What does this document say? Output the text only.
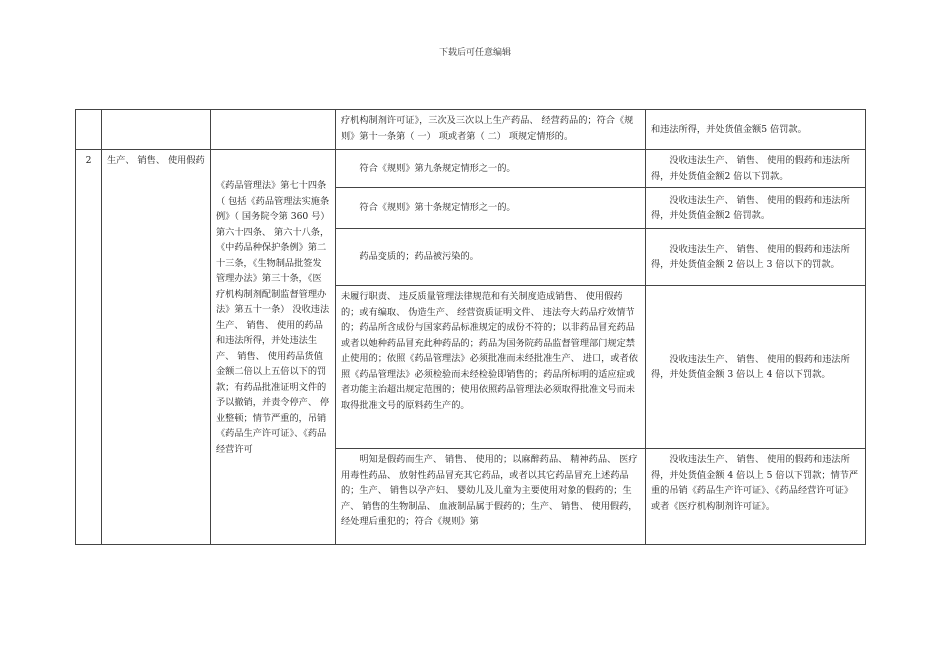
下载后可任意编辑
			疗机构制剂许可证》，三次及三次以上生产药品、 经营药品的；符合《规则》第十一条第（ 一） 项或者第（ 二） 项规定情形的。	和违法所得，并处货值金额5 倍罚款。
2	生产、 销售、 使用假药	《药品管理法》第七十四条（ 包括《药品管理法实施条例》（ 国务院令第 360 号） 第六十四条、 第六十八条，《中药品种保护条例》第二十三条，《生物制品批签发管理办法》第三十条，《医疗机构制剂配制监督管理办法》第五十一条） 没收违法生产、 销售、 使用的药品和违法所得，并处违法生产、 销售、 使用药品货值金额二倍以上五倍以下的罚款；有药品批准证明文件的予以撤销，并责令停产、 停业整顿；情节严重的，吊销《药品生产许可证》、《药品经营许可	符合《规则》第九条规定情形之一的。	没收违法生产、 销售、 使用的假药和违法所得，并处货值金额2 倍以下罚款。
			符合《规则》第十条规定情形之一的。	没收违法生产、 销售、 使用的假药和违法所得，并处货值金额2 倍罚款。
			药品变质的；药品被污染的。	没收违法生产、 销售、 使用的假药和违法所得，并处货值金额 2 倍以上 3 倍以下的罚款。
			未履行职责、 违反质量管理法律规范和有关制度造成销售、 使用假药的；或有编取、 伪造生产、 经营资质证明文件、 违法夸大药品疗效情节的；药品所含成份与国家药品标准规定的成份不符的；以非药品冒充药品或者以她种药品冒充此种药品的；药品为国务院药品监督管理部门规定禁止使用的；依照《药品管理法》必须批准而未经批准生产、 进口，或者依照《药品管理法》必须检验而未经检验即销售的；药品所标明的适应症或者功能主治超出规定范围的；使用依照药品管理法必须取得批准文号而未取得批准文号的原料药生产的。	没收违法生产、 销售、 使用的假药和违法所得，并处货值金额 3 倍以上 4 倍以下罚款。
			明知是假药而生产、 销售、 使用的；以麻醉药品、 精神药品、 医疗用毒性药品、 放射性药品冒充其它药品，或者以其它药品冒充上述药品的；生产、 销售以孕产妇、 婴幼儿及儿童为主要使用对象的假药的；生产、 销售的生物制品、 血液制品属于假药的；生产、 销售、 使用假药，经处理后重犯的；符合《规则》第	没收违法生产、 销售、 使用的假药和违法所得，并处货值金额 4 倍以上 5 倍以下罚款；情节严重的吊销《药品生产许可证》、《药品经营许可证》或者《医疗机构制剂许可证》。
